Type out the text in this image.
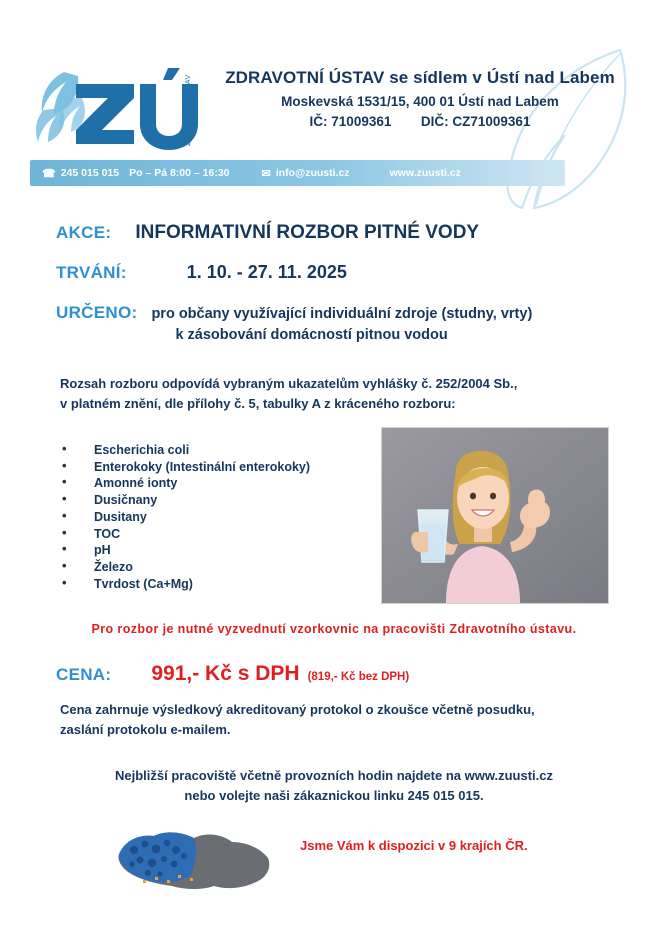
ZDRAVOTNÍ ÚSTAV	ZDRAVOTNÍ ÚSTAV se sídlem v Ústí nad Labem
Moskevská 1531/15, 400 01 Ústí nad Labem
IČ: 71009361 DIČ: CZ71009361
☎ 245 015 015 Po – Pá 8:00 – 16:30	✉ info@zuusti.cz	www.zuusti.cz
AKCE: INFORMATIVNÍ ROZBOR PITNÉ VODY
TRVÁNÍ:	1. 10. - 27. 11. 2025
URČENO: pro občany využívající individuální zdroje (studny, vrty)
k zásobování domácností pitnou vodou
Rozsah rozboru odpovídá vybraným ukazatelům vyhlášky č. 252/2004 Sb.,
v platném znění, dle přílohy č. 5, tabulky A z kráceného rozboru:
• Escherichia coli
• Enterokoky (Intestinální enterokoky)
• Amonné ionty
• Dusičnany
• Dusitany
• TOC
• pH
• Železo
• Tvrdost (Ca+Mg)
Pro rozbor je nutné vyzvednutí vzorkovnic na pracovišti Zdravotního ústavu.
CENA: 991,- Kč s DPH (819,- Kč bez DPH)
Cena zahrnuje výsledkový akreditovaný protokol o zkoušce včetně posudku,
zaslání protokolu e-mailem.
Nejbližší pracoviště včetně provozních hodin najdete na www.zuusti.cz
nebo volejte naši zákaznickou linku 245 015 015.
Jsme Vám k dispozici v 9 krajích ČR.
